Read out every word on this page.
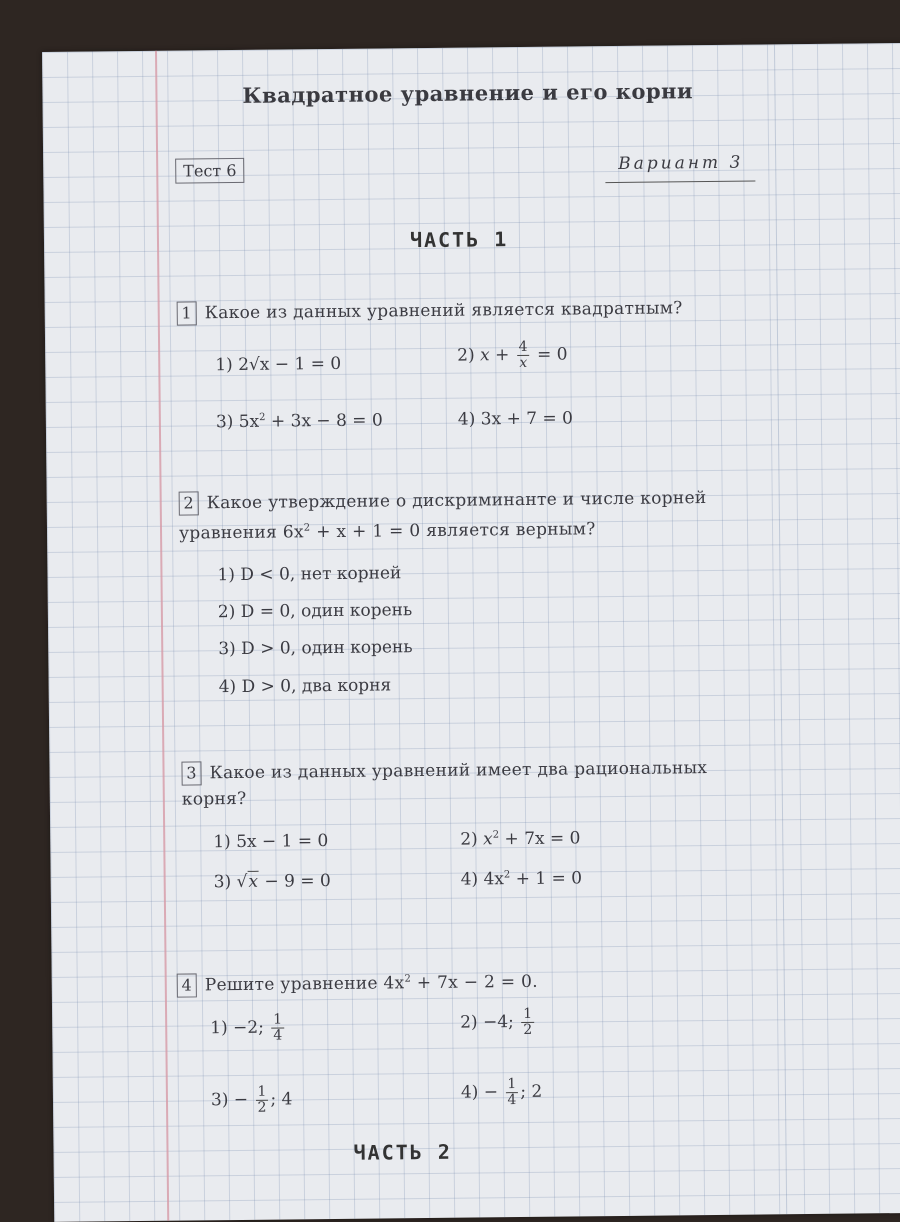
Квадратное уравнение и его корни
Тест 6	Вариант 3
ЧАСТЬ 1
1 Какое из данных уравнений является квадратным?
1) 2√x − 1 = 0	2) $x + \frac{4}{x} = 0$
3) $5x^2 + 3x - 8 = 0$	4) 3x + 7 = 0
2 Какое утверждение о дискриминанте и числе корней
уравнения $6x^2 + x + 1 = 0$ является верным?
1) D < 0, нет корней
2) D = 0, один корень
3) D > 0, один корень
4) D > 0, два корня
3 Какое из данных уравнений имеет два рациональных
корня?
1) 5x − 1 = 0	2) $x^2 + 7x = 0$
3) √x − 9 = 0	4) $4x^2 + 1 = 0$
4 Решите уравнение $4x^2 + 7x - 2 = 0$.
1) −2; $\frac{1}{4}$	2) −4; $\frac{1}{2}$
$3) - \frac{1}{2}$ ; 4	$4) - \frac{1}{4}$ ; 2
ЧАСТЬ 2
